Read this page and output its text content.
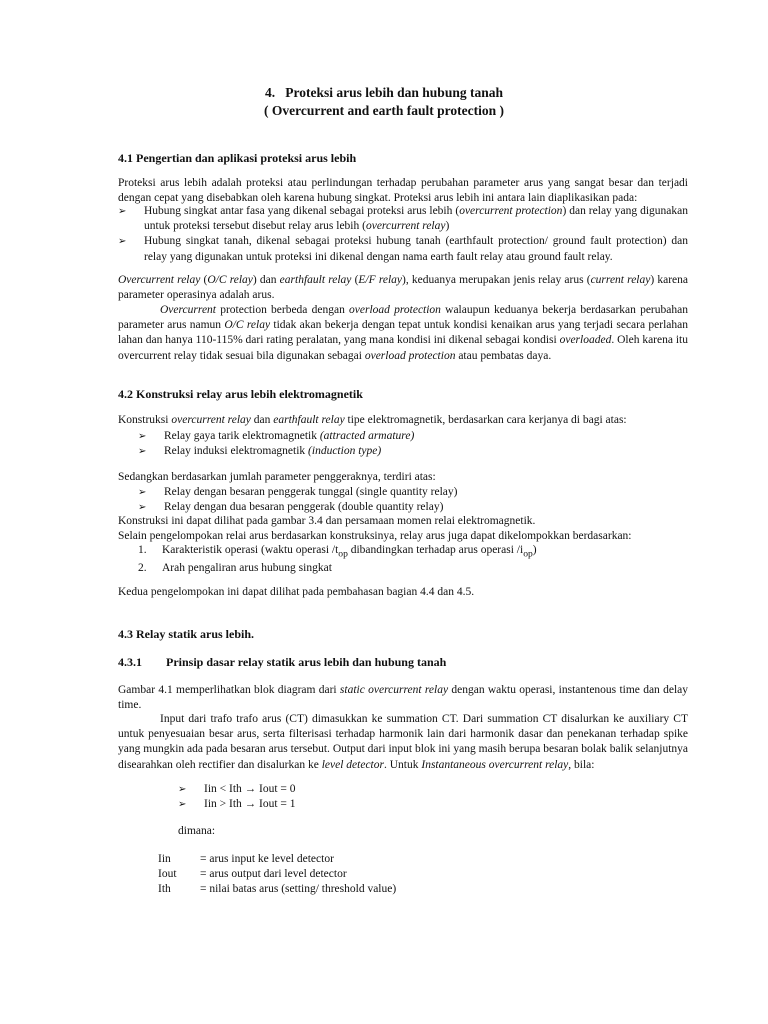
4. Proteksi arus lebih dan hubung tanah
( Overcurrent and earth fault protection )
4.1 Pengertian dan aplikasi proteksi arus lebih
Proteksi arus lebih adalah proteksi atau perlindungan terhadap perubahan parameter arus yang sangat besar dan terjadi dengan cepat yang disebabkan oleh karena hubung singkat. Proteksi arus lebih ini antara lain diaplikasikan pada:
➢	Hubung singkat antar fasa yang dikenal sebagai proteksi arus lebih (overcurrent protection) dan relay yang digunakan untuk proteksi tersebut disebut relay arus lebih (overcurrent relay)
➢	Hubung singkat tanah, dikenal sebagai proteksi hubung tanah (earthfault protection/ ground fault protection) dan relay yang digunakan untuk proteksi ini dikenal dengan nama earth fault relay atau ground fault relay.
Overcurrent relay (O/C relay) dan earthfault relay (E/F relay), keduanya merupakan jenis relay arus (current relay) karena parameter operasinya adalah arus.
Overcurrent protection berbeda dengan overload protection walaupun keduanya bekerja berdasarkan perubahan parameter arus namun O/C relay tidak akan bekerja dengan tepat untuk kondisi kenaikan arus yang terjadi secara perlahan lahan dan hanya 110-115% dari rating peralatan, yang mana kondisi ini dikenal sebagai kondisi overloaded. Oleh karena itu overcurrent relay tidak sesuai bila digunakan sebagai overload protection atau pembatas daya.
4.2 Konstruksi relay arus lebih elektromagnetik
Konstruksi overcurrent relay dan earthfault relay tipe elektromagnetik, berdasarkan cara kerjanya di bagi atas:
➢	Relay gaya tarik elektromagnetik (attracted armature)
➢	Relay induksi elektromagnetik (induction type)
Sedangkan berdasarkan jumlah parameter penggeraknya, terdiri atas:
➢	Relay dengan besaran penggerak tunggal (single quantity relay)
➢	Relay dengan dua besaran penggerak (double quantity relay)
Konstruksi ini dapat dilihat pada gambar 3.4 dan persamaan momen relai elektromagnetik.
Selain pengelompokan relai arus berdasarkan konstruksinya, relay arus juga dapat dikelompokkan berdasarkan:
1.	Karakteristik operasi (waktu operasi $/t_{op}$ dibandingkan terhadap arus operasi $/i_{op}$)
2.	Arah pengaliran arus hubung singkat
Kedua pengelompokan ini dapat dilihat pada pembahasan bagian 4.4 dan 4.5.
4.3 Relay statik arus lebih.
4.3.1 Prinsip dasar relay statik arus lebih dan hubung tanah
Gambar 4.1 memperlihatkan blok diagram dari static overcurrent relay dengan waktu operasi, instantenous time dan delay time.
Input dari trafo trafo arus (CT) dimasukkan ke summation CT. Dari summation CT disalurkan ke auxiliary CT untuk penyesuaian besar arus, serta filterisasi terhadap harmonik lain dari harmonik dasar dan penekanan terhadap spike yang mungkin ada pada besaran arus tersebut. Output dari input blok ini yang masih berupa besaran bolak balik selanjutnya disearahkan oleh rectifier dan disalurkan ke level detector. Untuk Instantaneous overcurrent relay, bila:
➢	Iin < Ith → Iout = 0
➢	Iin > Ith → Iout = 1
dimana:
Iin	= arus input ke level detector
Iout	= arus output dari level detector
Ith	= nilai batas arus (setting/ threshold value)
